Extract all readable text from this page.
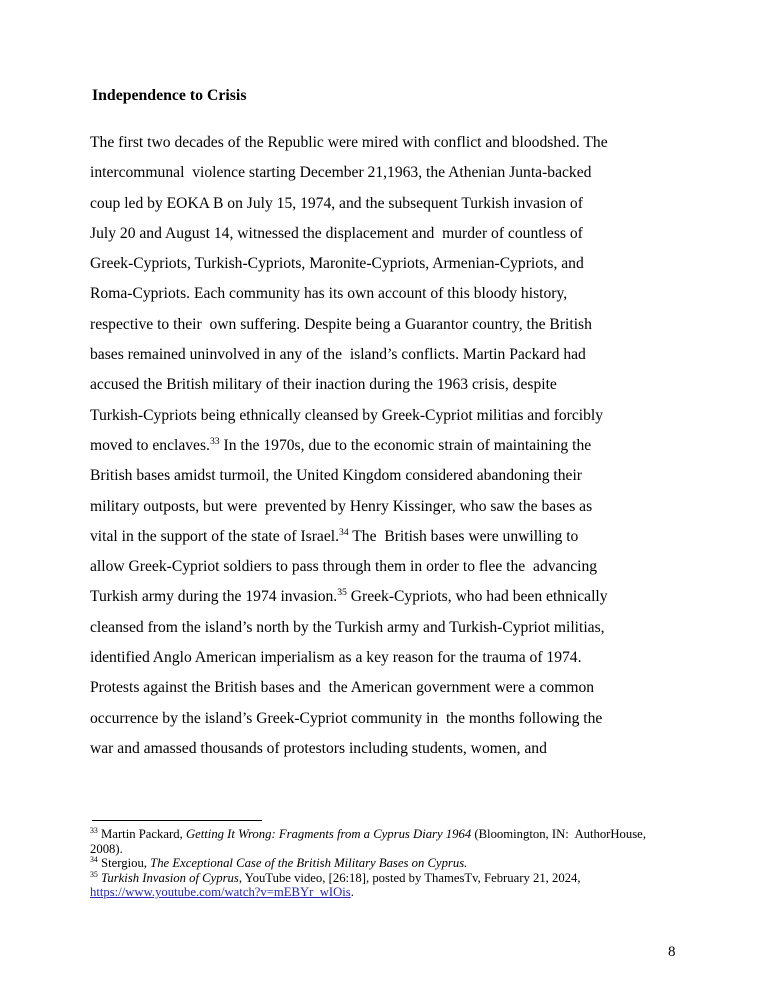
Independence to Crisis
The first two decades of the Republic were mired with conflict and bloodshed. The
intercommunal  violence starting December 21,1963, the Athenian Junta-backed
coup led by EOKA B on July 15, 1974, and the subsequent Turkish invasion of
July 20 and August 14, witnessed the displacement and  murder of countless of
Greek-Cypriots, Turkish-Cypriots, Maronite-Cypriots, Armenian-Cypriots, and
Roma-Cypriots. Each community has its own account of this bloody history,
respective to their  own suffering. Despite being a Guarantor country, the British
bases remained uninvolved in any of the  island’s conflicts. Martin Packard had
accused the British military of their inaction during the 1963 crisis, despite
Turkish-Cypriots being ethnically cleansed by Greek-Cypriot militias and forcibly
moved to enclaves.$^{33}$ In the 1970s, due to the economic strain of maintaining the
British bases amidst turmoil, the United Kingdom considered abandoning their
military outposts, but were  prevented by Henry Kissinger, who saw the bases as
vital in the support of the state of Israel.$^{34}$ The  British bases were unwilling to
allow Greek-Cypriot soldiers to pass through them in order to flee the  advancing
Turkish army during the 1974 invasion.$^{35}$ Greek-Cypriots, who had been ethnically
cleansed from the island’s north by the Turkish army and Turkish-Cypriot militias,
identified Anglo American imperialism as a key reason for the trauma of 1974.
Protests against the British bases and  the American government were a common
occurrence by the island’s Greek-Cypriot community in  the months following the
war and amassed thousands of protestors including students, women, and
$^{33}$ Martin Packard, Getting It Wrong: Fragments from a Cyprus Diary 1964 (Bloomington, IN:  AuthorHouse,
2008).
$^{34}$ Stergiou, The Exceptional Case of the British Military Bases on Cyprus.
$^{35}$ Turkish Invasion of Cyprus, YouTube video, [26:18], posted by ThamesTv, February 21, 2024,
https://www.youtube.com/watch?v=mEBYr_wIOis.
8
